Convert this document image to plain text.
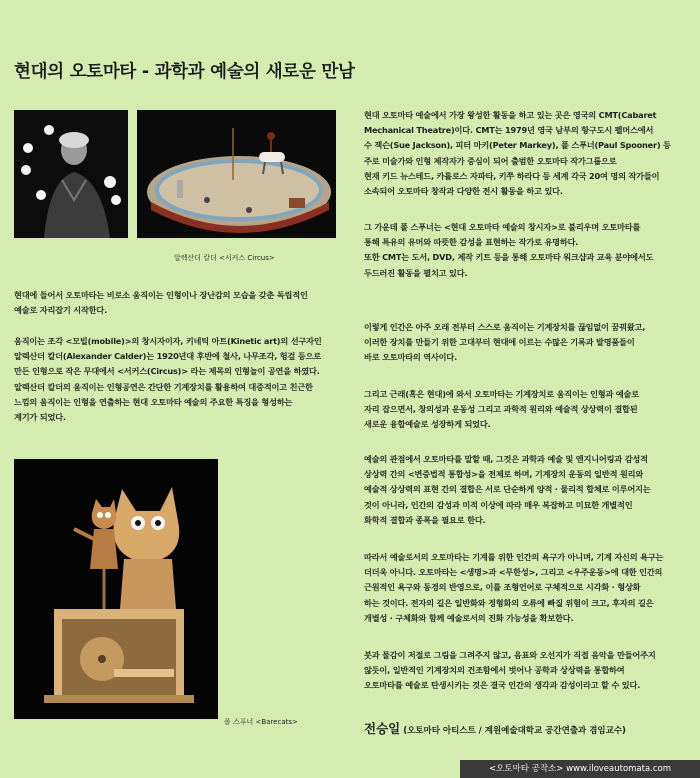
현대의 오토마타 - 과학과 예술의 새로운 만남
알렉산더 칼더 <서커스 Circus>
현대에 들어서 오토마타는 비로소 움직이는 인형이나 장난감의 모습을 갖춘 독립적인
예술로 자리잡기 시작한다.
움직이는 조각 <모빌(mobile)>의 창시자이자, 키네틱 아트(Kinetic art)의 선구자인
알렉산더 칼더(Alexander Calder)는 1920년대 후반에 철사, 나무조각, 헝겊 등으로
만든 인형으로 작은 무대에서 <서커스(Circus)> 라는 제목의 인형놀이 공연을 하였다.
알렉산더 칼더의 움직이는 인형공연은 간단한 기계장치를 활용하여 대중적이고 친근한
느낌의 움직이는 인형을 연출하는 현대 오토마타 예술의 주요한 특징을 형성하는
계기가 되었다.
폴 스푸너 <Barecats>
현대 오토마타 예술에서 가장 왕성한 활동을 하고 있는 곳은 영국의 CMT(Cabaret
Mechanical Theatre)이다. CMT는 1979년 영국 남부의 항구도시 펠머스에서
수 잭슨(Sue Jackson), 피터 마키(Peter Markey), 폴 스푸너(Paul Spooner) 등
주로 미술가와 인형 제작자가 중심이 되어 출범한 오토마타 작가그룹으로
현재 키드 뉴스테드, 카롤로스 자파타, 키쭈 하라다 등 세계 각국 20여 명의 작가들이
소속되어 오토마타 창작과 다양한 전시 활동을 하고 있다.
그 가운데 폴 스푸너는 <현대 오토마타 예술의 창시자>로 불리우며 오토마타를
통해 특유의 유머와 따뜻한 감성을 표현하는 작가로 유명하다.
또한 CMT는 도서, DVD, 제작 키트 등을 통해 오토마타 워크샵과 교육 분야에서도
두드러진 활동을 펼치고 있다.
이렇게 인간은 아주 오래 전부터 스스로 움직이는 기계장치를 끊임없이 꿈꿔왔고,
이러한 장치를 만들기 위한 고대부터 현대에 이르는 수많은 기록과 발명품들이
바로 오토마타의 역사이다.
그리고 근래(혹은 현대)에 와서 오토마타는 기계장치로 움직이는 인형과 예술로
자리 잡으면서, 창의성과 운동성 그리고 과학적 원리와 예술적 상상력이 결합된
새로운 융합예술로 성장하게 되었다.
예술의 관점에서 오토마타를 말할 때, 그것은 과학과 예술 및 엔지니어링과 감성적
상상력 간의 <변증법적 통합성>을 전제로 하며, 기계장치 운동의 일반적 원리와
예술적 상상력의 표현 간의 결합은 서로 단순하게 양적 · 물리적 합체로 이루어지는
것이 아니라, 인간의 감성과 미적 이상에 따라 매우 복잡하고 미묘한 개별적인
화학적 결합과 종폭을 필요로 한다.
따라서 예술로서의 오토마타는 기계를 위한 인간의 욕구가 아니며, 기계 자신의 욕구는
더더욱 아니다. 오토마타는 <생명>과 <무한성>, 그리고 <우주운동>에 대한 인간의
근원적인 욕구와 동경의 반영으로, 이를 조형언어로 구체적으로 시각화 · 형상화
하는 것이다. 전자의 길은 일반화와 정형화의 오류에 빠질 위험이 크고, 후자의 길은
개별성 · 구체화와 함께 예술로서의 진화 가능성을 확보한다.
붓과 물감이 저절로 그림을 그려주지 않고, 음표와 오선지가 직접 음악을 만들어주지
않듯이, 일반적인 기계장치의 건조함에서 벗어나 공학과 상상력을 통합하여
오토마타를 예술로 탄생시키는 것은 결국 인간의 생각과 감성이라고 할 수 있다.
전승일 (오토마타 아티스트 / 계원예술대학교 공간연출과 겸임교수)
<오토마타 공작소> www.iloveautomata.com
